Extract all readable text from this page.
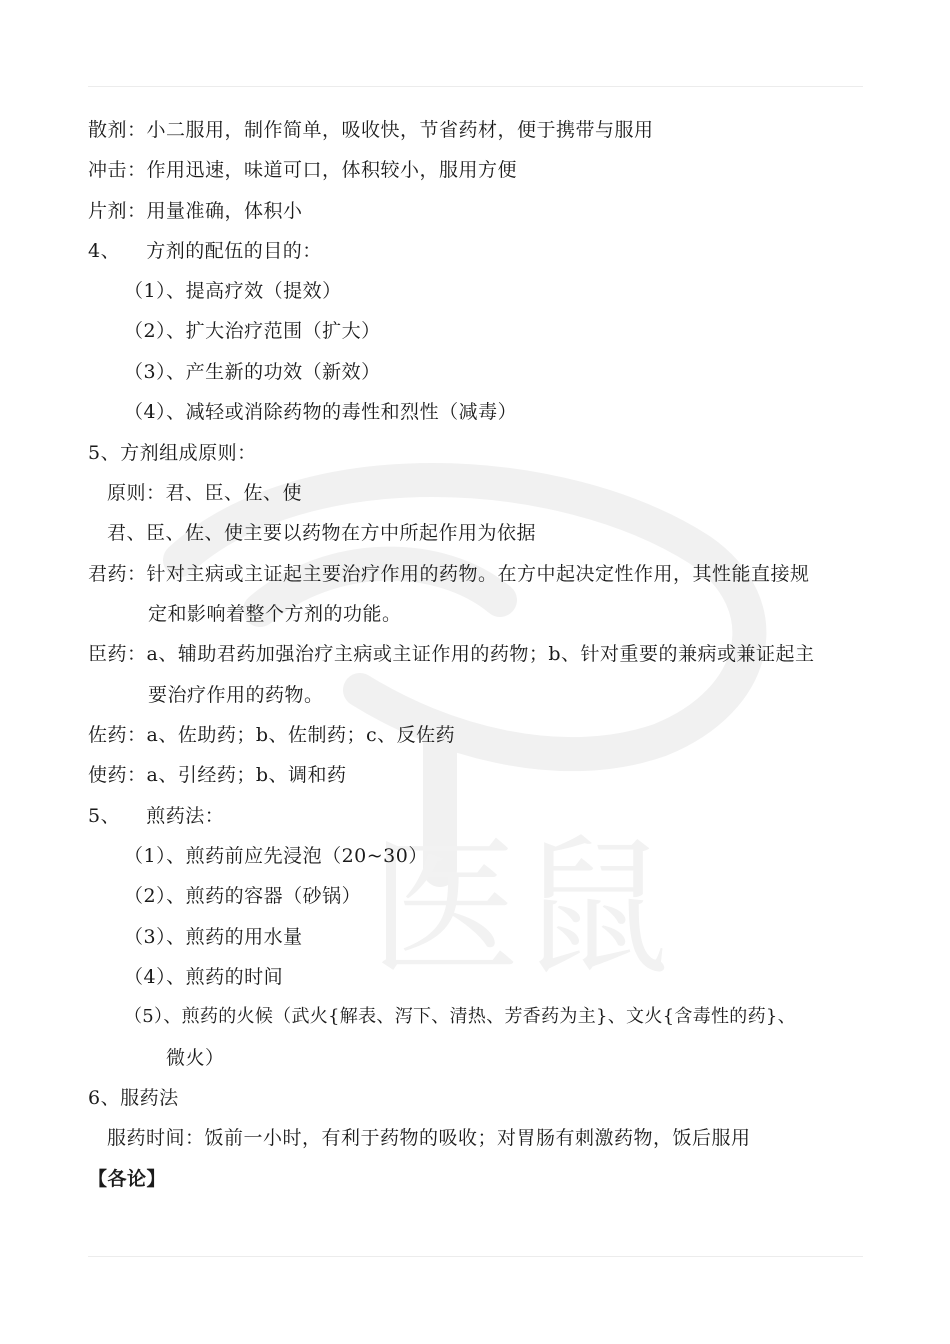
医鼠
散剂：小二服用，制作简单，吸收快，节省药材，便于携带与服用
冲击：作用迅速，味道可口，体积较小，服用方便
片剂：用量准确，体积小
4、    方剂的配伍的目的：
（1）、提高疗效（提效）
（2）、扩大治疗范围（扩大）
（3）、产生新的功效（新效）
（4）、减轻或消除药物的毒性和烈性（减毒）
5、方剂组成原则：
原则：君、臣、佐、使
君、臣、佐、使主要以药物在方中所起作用为依据
君药：针对主病或主证起主要治疗作用的药物。在方中起决定性作用，其性能直接规
定和影响着整个方剂的功能。
臣药：a、辅助君药加强治疗主病或主证作用的药物；b、针对重要的兼病或兼证起主
要治疗作用的药物。
佐药：a、佐助药；b、佐制药；c、反佐药
使药：a、引经药；b、调和药
5、    煎药法：
（1）、煎药前应先浸泡（20~30）
（2）、煎药的容器（砂锅）
（3）、煎药的用水量
（4）、煎药的时间
（5）、煎药的火候（武火{解表、泻下、清热、芳香药为主}、文火{含毒性的药}、
微火）
6、服药法
服药时间：饭前一小时，有利于药物的吸收；对胃肠有刺激药物，饭后服用
【各论】
